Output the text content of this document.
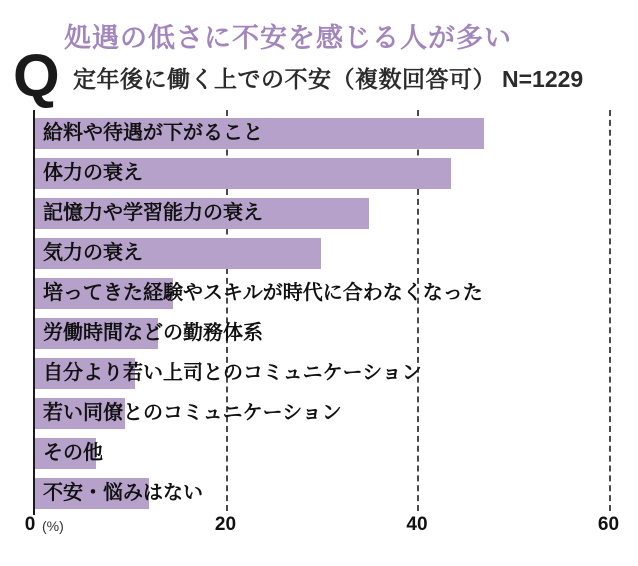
処遇の低さに不安を感じる人が多い
Q 定年後に働く上での不安（複数回答可） N=1229
給料や待遇が下がること
体力の衰え
記憶力や学習能力の衰え
気力の衰え
培ってきた経験やスキルが時代に合わなくなった
労働時間などの勤務体系
自分より若い上司とのコミュニケーション
若い同僚とのコミュニケーション
その他
不安・悩みはない
0	20	40	60
(%)
